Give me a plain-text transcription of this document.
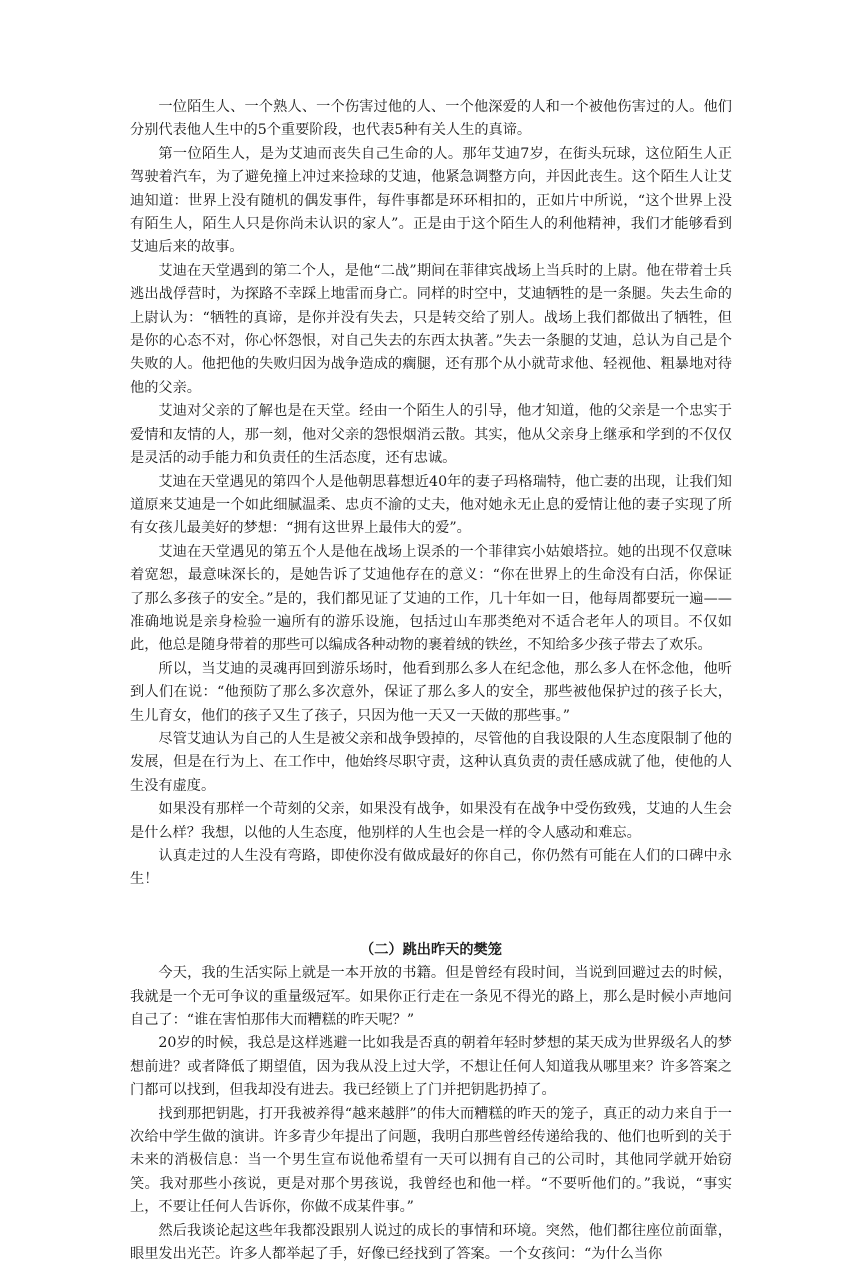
一位陌生人、一个熟人、一个伤害过他的人、一个他深爱的人和一个被他伤害过的人。他们分别代表他人生中的5个重要阶段，也代表5种有关人生的真谛。

第一位陌生人，是为艾迪而丧失自己生命的人。那年艾迪7岁，在街头玩球，这位陌生人正驾驶着汽车，为了避免撞上冲过来捡球的艾迪，他紧急调整方向，并因此丧生。这个陌生人让艾迪知道：世界上没有随机的偶发事件，每件事都是环环相扣的，正如片中所说，“这个世界上没有陌生人，陌生人只是你尚未认识的家人”。正是由于这个陌生人的利他精神，我们才能够看到艾迪后来的故事。

艾迪在天堂遇到的第二个人，是他“二战”期间在菲律宾战场上当兵时的上尉。他在带着士兵逃出战俘营时，为探路不幸踩上地雷而身亡。同样的时空中，艾迪牺牲的是一条腿。失去生命的上尉认为：“牺牲的真谛，是你并没有失去，只是转交给了别人。战场上我们都做出了牺牲，但是你的心态不对，你心怀怨恨，对自己失去的东西太执著。”失去一条腿的艾迪，总认为自己是个失败的人。他把他的失败归因为战争造成的瘸腿，还有那个从小就苛求他、轻视他、粗暴地对待他的父亲。

艾迪对父亲的了解也是在天堂。经由一个陌生人的引导，他才知道，他的父亲是一个忠实于爱情和友情的人，那一刻，他对父亲的怨恨烟消云散。其实，他从父亲身上继承和学到的不仅仅是灵活的动手能力和负责任的生活态度，还有忠诚。

艾迪在天堂遇见的第四个人是他朝思暮想近40年的妻子玛格瑞特，他亡妻的出现，让我们知道原来艾迪是一个如此细腻温柔、忠贞不渝的丈夫，他对她永无止息的爱情让他的妻子实现了所有女孩儿最美好的梦想：“拥有这世界上最伟大的爱”。

艾迪在天堂遇见的第五个人是他在战场上误杀的一个菲律宾小姑娘塔拉。她的出现不仅意味着宽恕，最意味深长的，是她告诉了艾迪他存在的意义：“你在世界上的生命没有白活，你保证了那么多孩子的安全。”是的，我们都见证了艾迪的工作，几十年如一日，他每周都要玩一遍——准确地说是亲身检验一遍所有的游乐设施，包括过山车那类绝对不适合老年人的项目。不仅如此，他总是随身带着的那些可以编成各种动物的裹着绒的铁丝，不知给多少孩子带去了欢乐。

所以，当艾迪的灵魂再回到游乐场时，他看到那么多人在纪念他，那么多人在怀念他，他听到人们在说：“他预防了那么多次意外，保证了那么多人的安全，那些被他保护过的孩子长大，生儿育女，他们的孩子又生了孩子，只因为他一天又一天做的那些事。”

尽管艾迪认为自己的人生是被父亲和战争毁掉的，尽管他的自我设限的人生态度限制了他的发展，但是在行为上、在工作中，他始终尽职守责，这种认真负责的责任感成就了他，使他的人生没有虚度。

如果没有那样一个苛刻的父亲，如果没有战争，如果没有在战争中受伤致残，艾迪的人生会是什么样？我想，以他的人生态度，他别样的人生也会是一样的令人感动和难忘。

认真走过的人生没有弯路，即使你没有做成最好的你自己，你仍然有可能在人们的口碑中永生！

（二）跳出昨天的樊笼

今天，我的生活实际上就是一本开放的书籍。但是曾经有段时间，当说到回避过去的时候，我就是一个无可争议的重量级冠军。如果你正行走在一条见不得光的路上，那么是时候小声地问自己了：“谁在害怕那伟大而糟糕的昨天呢？”

20岁的时候，我总是这样逃避一比如我是否真的朝着年轻时梦想的某天成为世界级名人的梦想前进？或者降低了期望值，因为我从没上过大学，不想让任何人知道我从哪里来？许多答案之门都可以找到，但我却没有进去。我已经锁上了门并把钥匙扔掉了。

找到那把钥匙，打开我被养得“越来越胖”的伟大而糟糕的昨天的笼子，真正的动力来自于一次给中学生做的演讲。许多青少年提出了问题，我明白那些曾经传递给我的、他们也听到的关于未来的消极信息：当一个男生宣布说他希望有一天可以拥有自己的公司时，其他同学就开始窃笑。我对那些小孩说，更是对那个男孩说，我曾经也和他一样。“不要听他们的。”我说，“事实上，不要让任何人告诉你，你做不成某件事。”

然后我谈论起这些年我都没跟别人说过的成长的事情和环境。突然，他们都往座位前面靠，眼里发出光芒。许多人都举起了手，好像已经找到了答案。一个女孩问：“为什么当你
